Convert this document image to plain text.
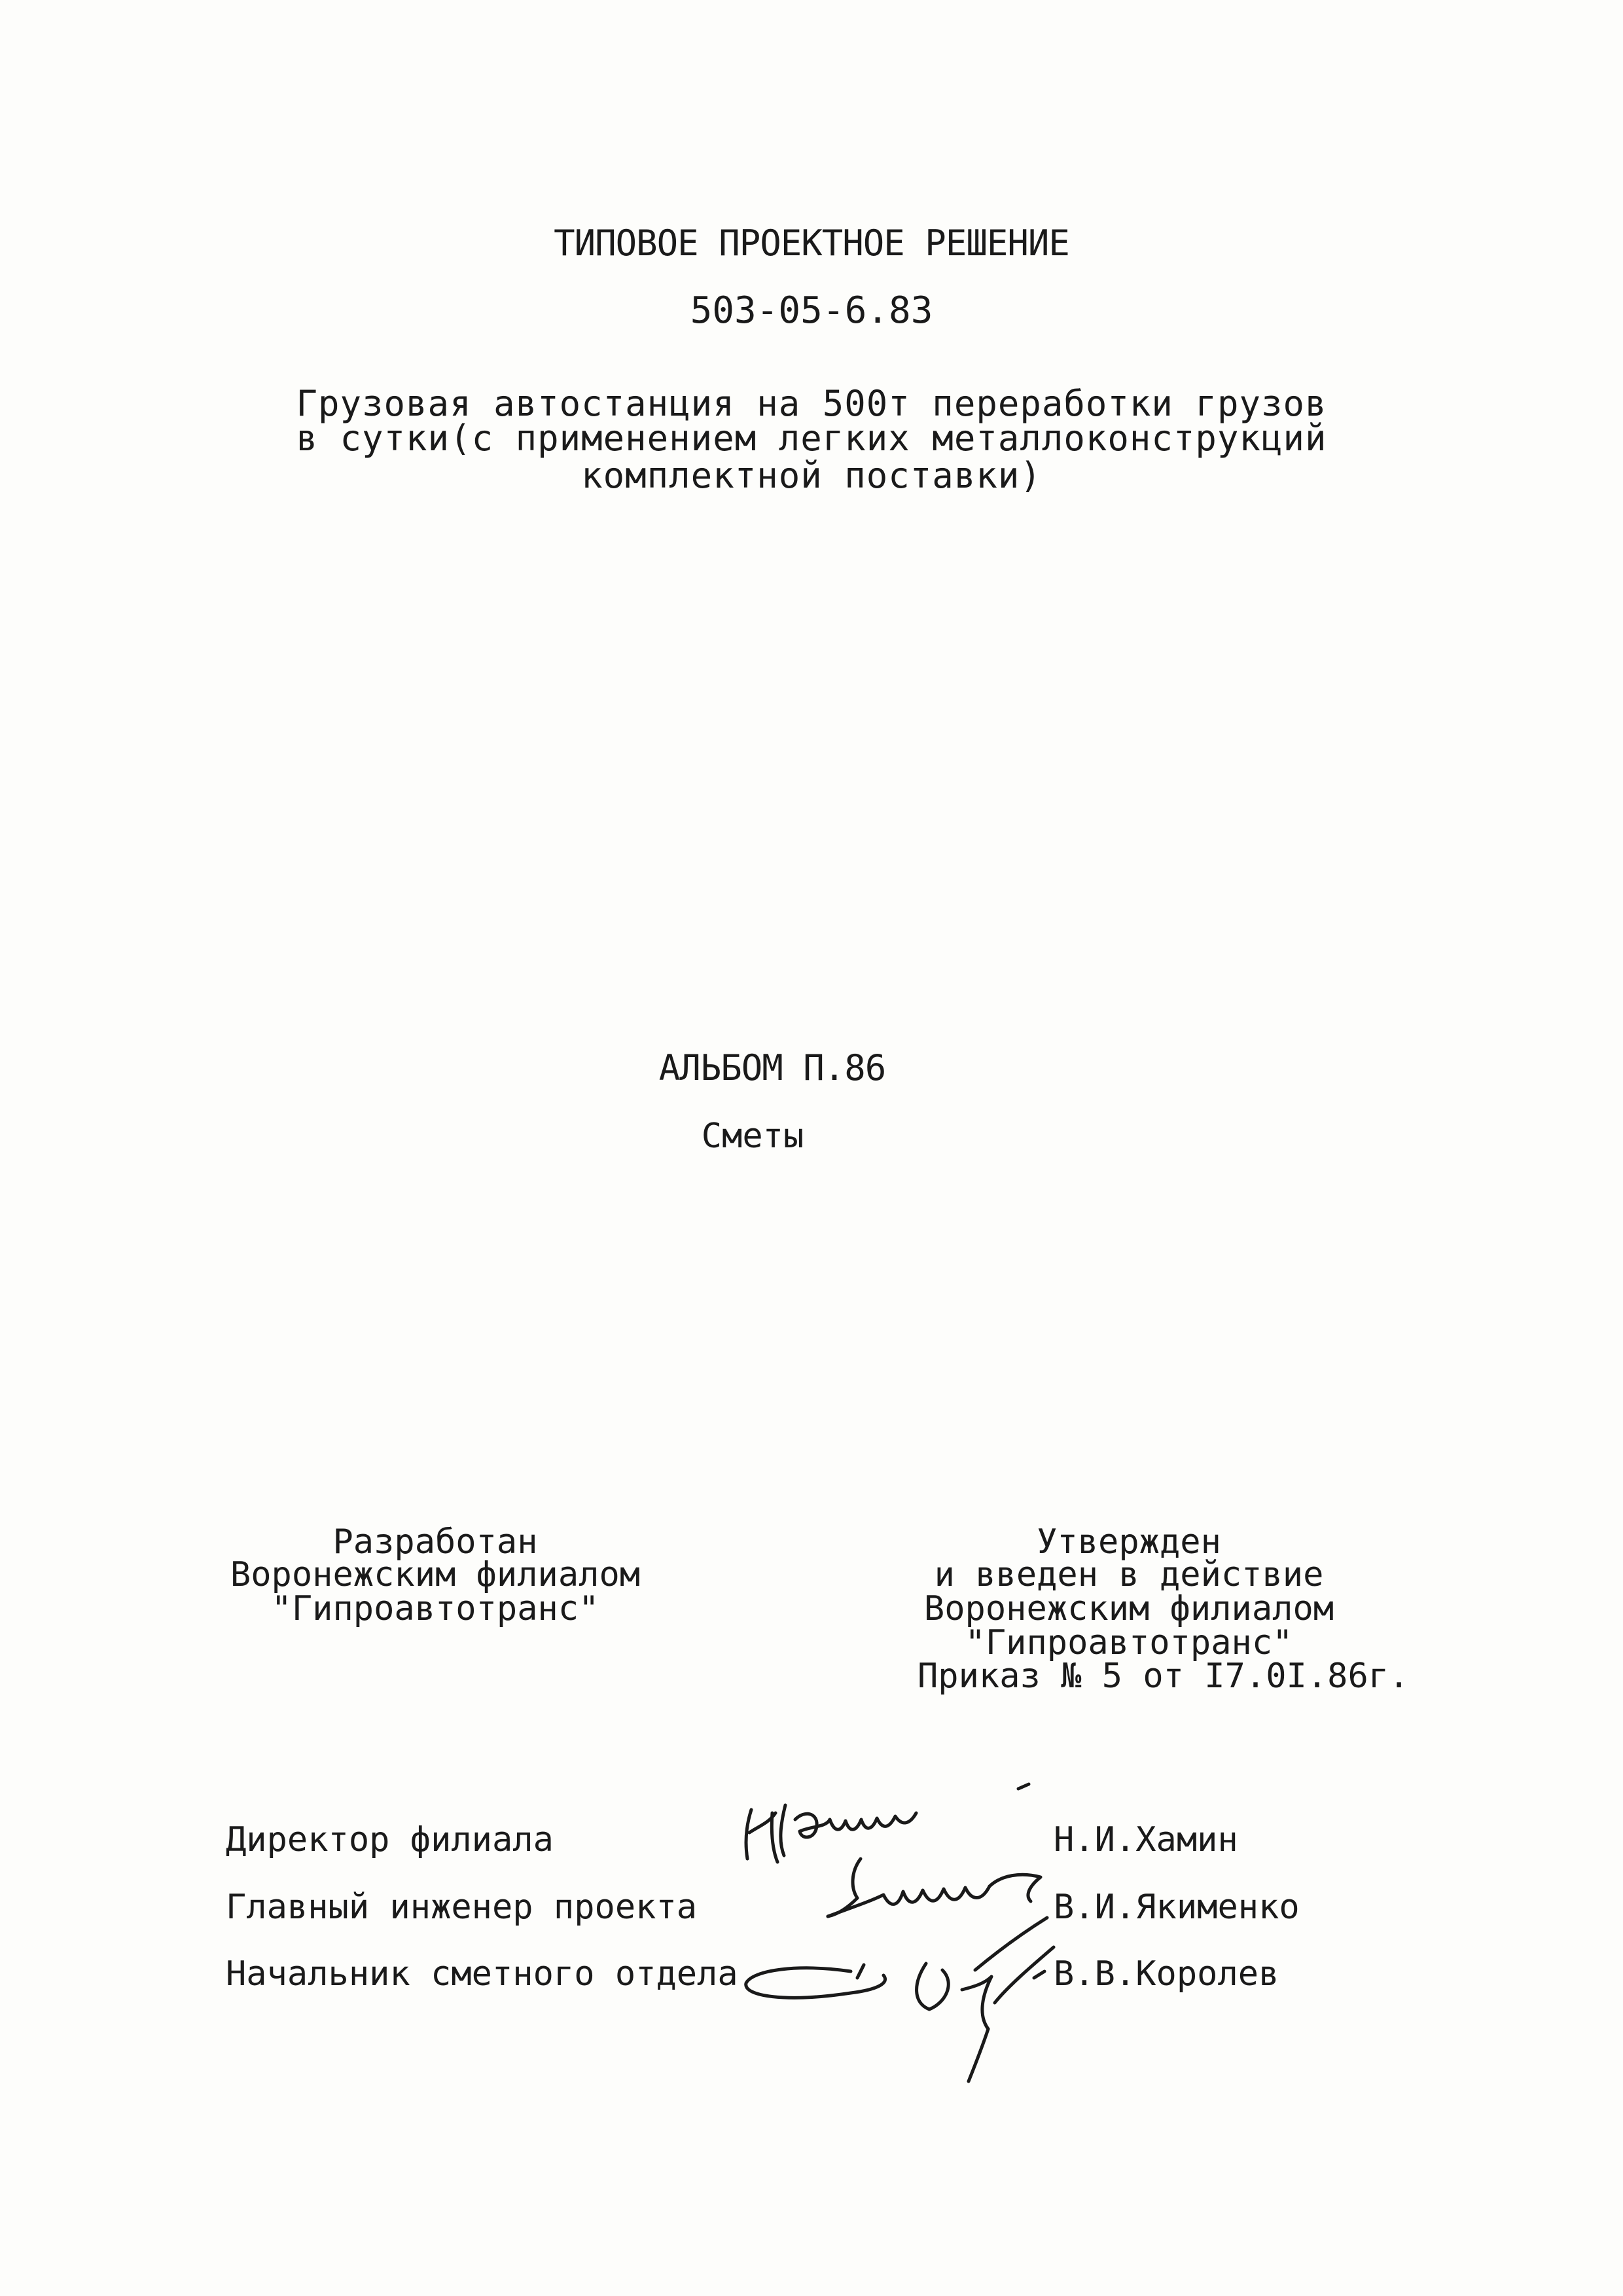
ТИПОВОЕ ПРОЕКТНОЕ РЕШЕНИЕ
503-05-6.83
Грузовая автостанция на 500т переработки грузов
в сутки(с применением легких металлоконструкций
комплектной поставки)
АЛЬБОМ П.86
Сметы
Разработан
Воронежским филиалом
"Гипроавтотранс"
Утвержден
и введен в действие
Воронежским филиалом
"Гипроавтотранс"
Приказ № 5 от I7.0I.86г.
Директор филиала	Н.И.Хамин
Главный инженер проекта	В.И.Якименко
Начальник сметного отдела	В.В.Королев
